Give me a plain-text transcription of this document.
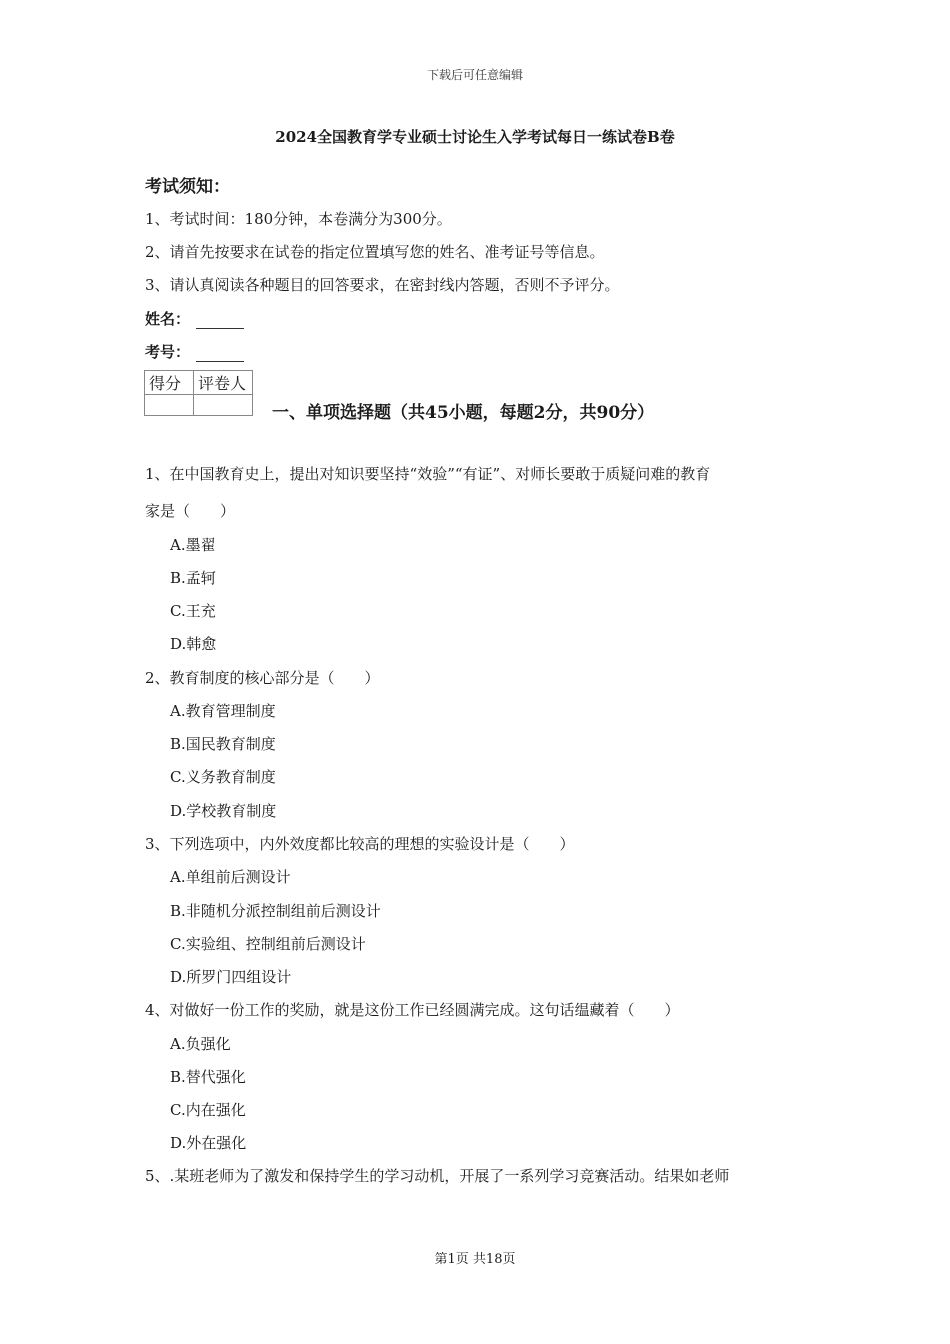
下载后可任意编辑
2024全国教育学专业硕士讨论生入学考试每日一练试卷B卷
考试须知：
1、考试时间：180分钟，本卷满分为300分。
2、请首先按要求在试卷的指定位置填写您的姓名、准考证号等信息。
3、请认真阅读各种题目的回答要求，在密封线内答题，否则不予评分。
姓名：
考号：
得分	评卷人

一、单项选择题（共45小题，每题2分，共90分）
1、在中国教育史上，提出对知识要坚持“效验”“有证”、对师长要敢于质疑问难的教育
家是（　　）
A.墨翟
B.孟轲
C.王充
D.韩愈
2、教育制度的核心部分是（　　）
A.教育管理制度
B.国民教育制度
C.义务教育制度
D.学校教育制度
3、下列选项中，内外效度都比较高的理想的实验设计是（　　）
A.单组前后测设计
B.非随机分派控制组前后测设计
C.实验组、控制组前后测设计
D.所罗门四组设计
4、对做好一份工作的奖励，就是这份工作已经圆满完成。这句话缊藏着（　　）
A.负强化
B.替代强化
C.内在强化
D.外在强化
5、.某班老师为了激发和保持学生的学习动机，开展了一系列学习竞赛活动。结果如老师
第1页 共18页
